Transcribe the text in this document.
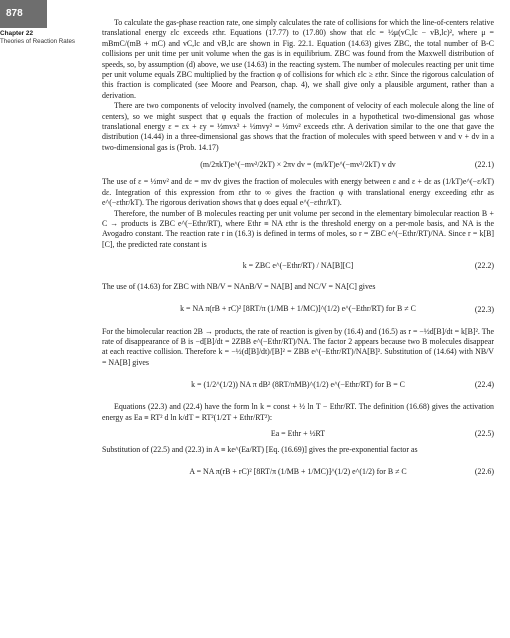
878
Chapter 22
Theories of Reaction Rates

To calculate the gas-phase reaction rate, one simply calculates the rate of collisions for which the line-of-centers relative translational energy εlc exceeds εthr. Equations (17.77) to (17.80) show that εlc = ½μ(vC,lc − vB,lc)², where μ = mBmC/(mB + mC) and vC,lc and vB,lc are shown in Fig. 22.1. Equation (14.63) gives ZBC, the total number of B-C collisions per unit time per unit volume when the gas is in equilibrium. ZBC was found from the Maxwell distribution of speeds, so, by assumption (d) above, we use (14.63) in the reacting system. The number of molecules reacting per unit time per unit volume equals ZBC multiplied by the fraction φ of collisions for which εlc ≥ εthr. Since the rigorous calculation of this fraction is complicated (see Moore and Pearson, chap. 4), we shall give only a plausible argument, rather than a derivation.

There are two components of velocity involved (namely, the component of velocity of each molecule along the line of centers), so we might suspect that φ equals the fraction of molecules in a hypothetical two-dimensional gas whose translational energy ε = εx + εy = ½mvx² + ½mvy² = ½mv² exceeds εthr. A derivation similar to the one that gave the distribution (14.44) in a three-dimensional gas shows that the fraction of molecules with speed between v and v + dv in a two-dimensional gas is (Prob. 14.17)

(m/2πkT)e^(−mv²/2kT) × 2πv dv = (m/kT)e^(−mv²/2kT) v dv	(22.1)

The use of ε = ½mv² and dε = mv dv gives the fraction of molecules with energy between ε and ε + dε as (1/kT)e^(−ε/kT) dε. Integration of this expression from εthr to ∞ gives the fraction φ with translational energy exceeding εthr as e^(−εthr/kT). The rigorous derivation shows that φ does equal e^(−εthr/kT).

Therefore, the number of B molecules reacting per unit volume per second in the elementary bimolecular reaction B + C → products is ZBC e^(−Ethr/RT), where Ethr ≡ NA εthr is the threshold energy on a per-mole basis, and NA is the Avogadro constant. The reaction rate r in (16.3) is defined in terms of moles, so r = ZBC e^(−Ethr/RT)/NA. Since r = k[B][C], the predicted rate constant is

k = ZBC e^(−Ethr/RT) / NA[B][C]	(22.2)

The use of (14.63) for ZBC with NB/V = NAnB/V = NA[B] and NC/V = NA[C] gives

k = NA π(rB + rC)² [8RT/π (1/MB + 1/MC)]^(1/2) e^(−Ethr/RT) for B ≠ C	(22.3)

For the bimolecular reaction 2B → products, the rate of reaction is given by (16.4) and (16.5) as r = −½d[B]/dt = k[B]². The rate of disappearance of B is −d[B]/dt = 2ZBB e^(−Ethr/RT)/NA. The factor 2 appears because two B molecules disappear at each reactive collision. Therefore k = −½(d[B]/dt)/[B]² = ZBB e^(−Ethr/RT)/NA[B]². Substitution of (14.64) with NB/V = NA[B] gives

k = (1/2^(1/2)) NA π dB² (8RT/πMB)^(1/2) e^(−Ethr/RT) for B = C	(22.4)

Equations (22.3) and (22.4) have the form ln k = const + ½ ln T − Ethr/RT. The definition (16.68) gives the activation energy as Ea ≡ RT² d ln k/dT = RT²(1/2T + Ethr/RT²):

Ea = Ethr + ½RT	(22.5)

Substitution of (22.5) and (22.3) in A ≡ ke^(Ea/RT) [Eq. (16.69)] gives the pre-exponential factor as

A = NA π(rB + rC)² [8RT/π (1/MB + 1/MC)]^(1/2) e^(1/2) for B ≠ C	(22.6)
